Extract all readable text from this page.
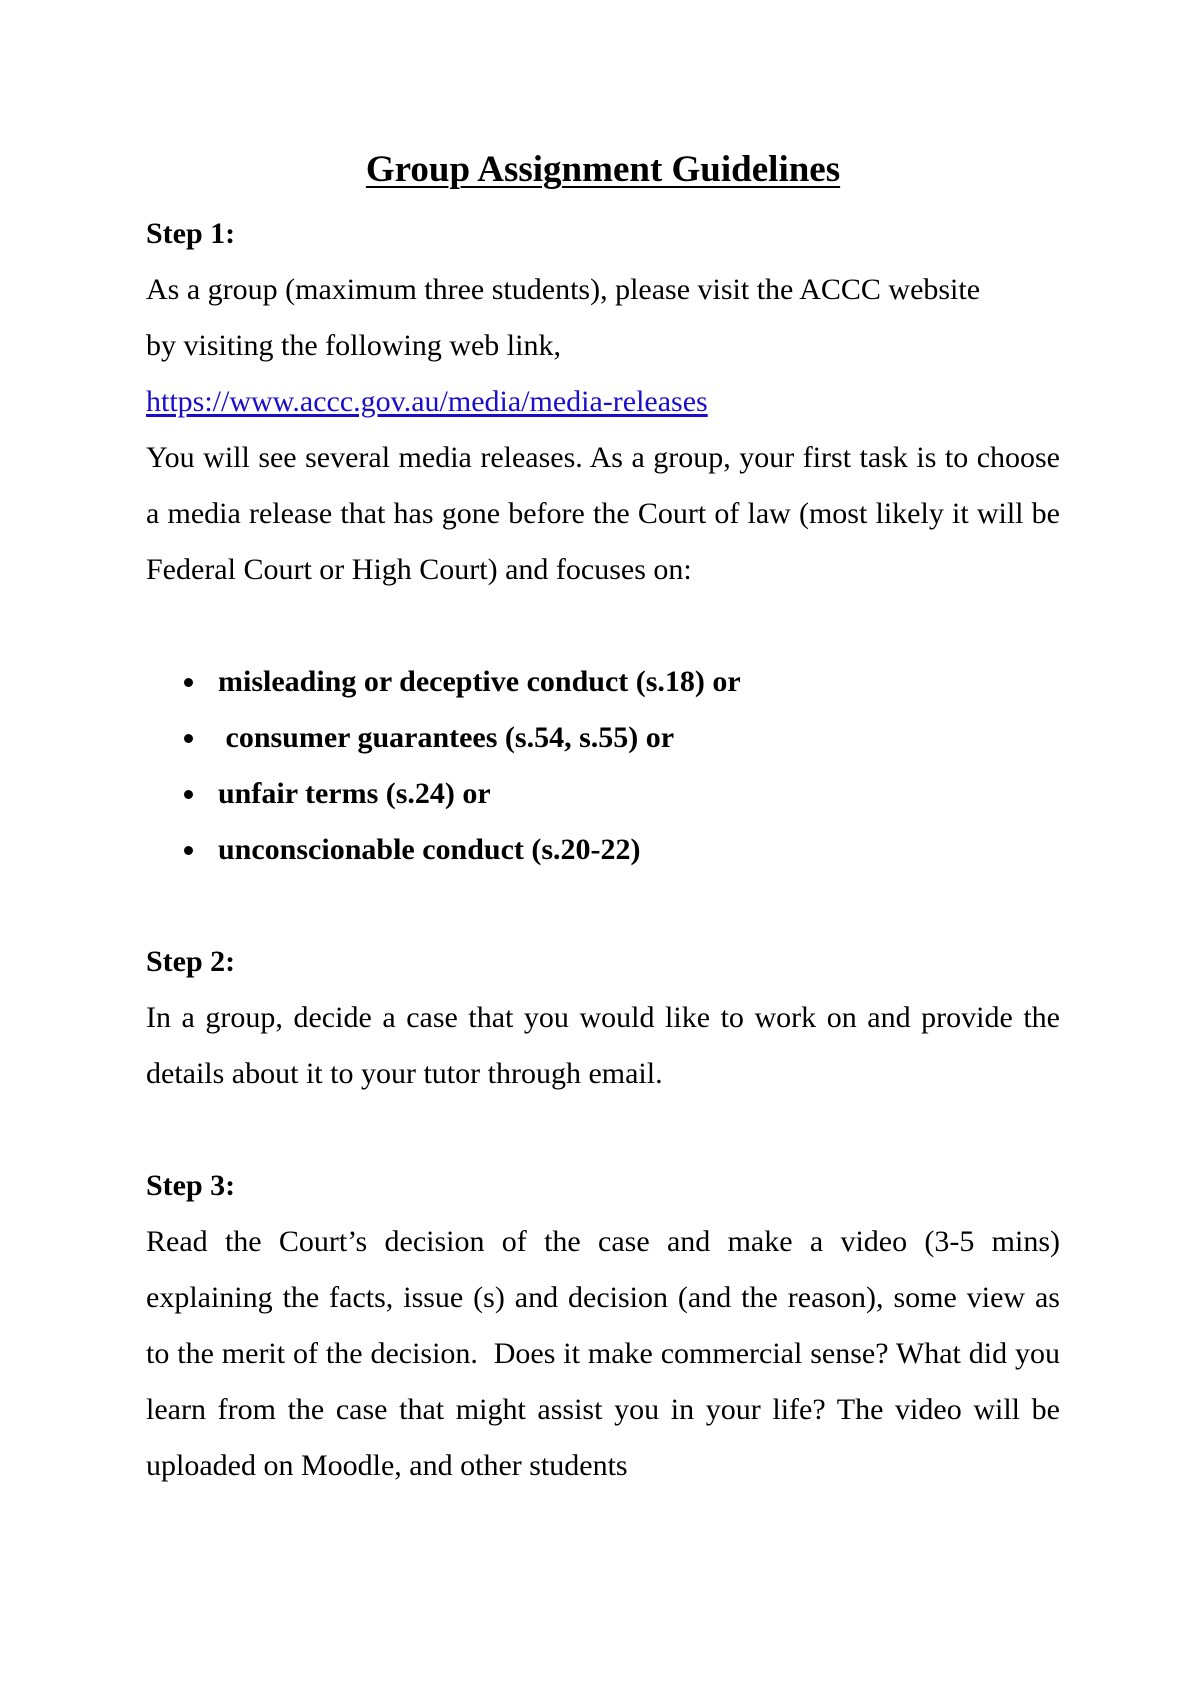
Group Assignment Guidelines

Step 1:

As a group (maximum three students), please visit the ACCC website

by visiting the following web link,

https://www.accc.gov.au/media/media-releases

You will see several media releases. As a group, your first task is to choose a media release that has gone before the Court of law (most likely it will be Federal Court or High Court) and focuses on:

misleading or deceptive conduct (s.18) or
consumer guarantees (s.54, s.55) or
unfair terms (s.24) or
unconscionable conduct (s.20-22)

Step 2:

In a group, decide a case that you would like to work on and provide the details about it to your tutor through email.

Step 3:

Read the Court’s decision of the case and make a video (3-5 mins) explaining the facts, issue (s) and decision (and the reason), some view as to the merit of the decision.  Does it make commercial sense? What did you learn from the case that might assist you in your life? The video will be uploaded on Moodle, and other students
